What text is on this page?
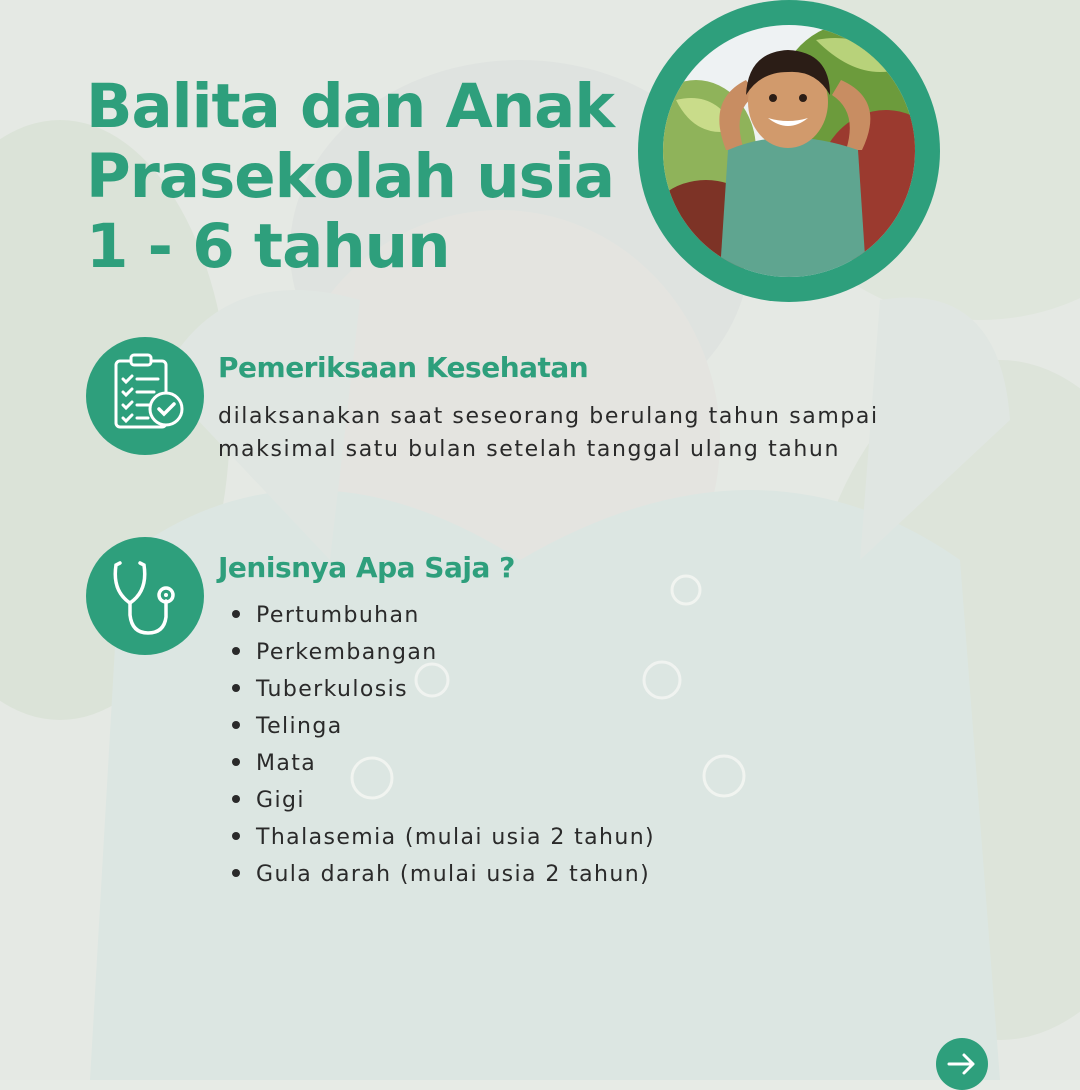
Balita dan Anak
Prasekolah usia
1 - 6 tahun
Pemeriksaan Kesehatan

dilaksanakan saat seseorang berulang tahun sampai
maksimal satu bulan setelah tanggal ulang tahun

Jenisnya Apa Saja ?
Pertumbuhan
Perkembangan
Tuberkulosis
Telinga
Mata
Gigi
Thalasemia (mulai usia 2 tahun)
Gula darah (mulai usia 2 tahun)
